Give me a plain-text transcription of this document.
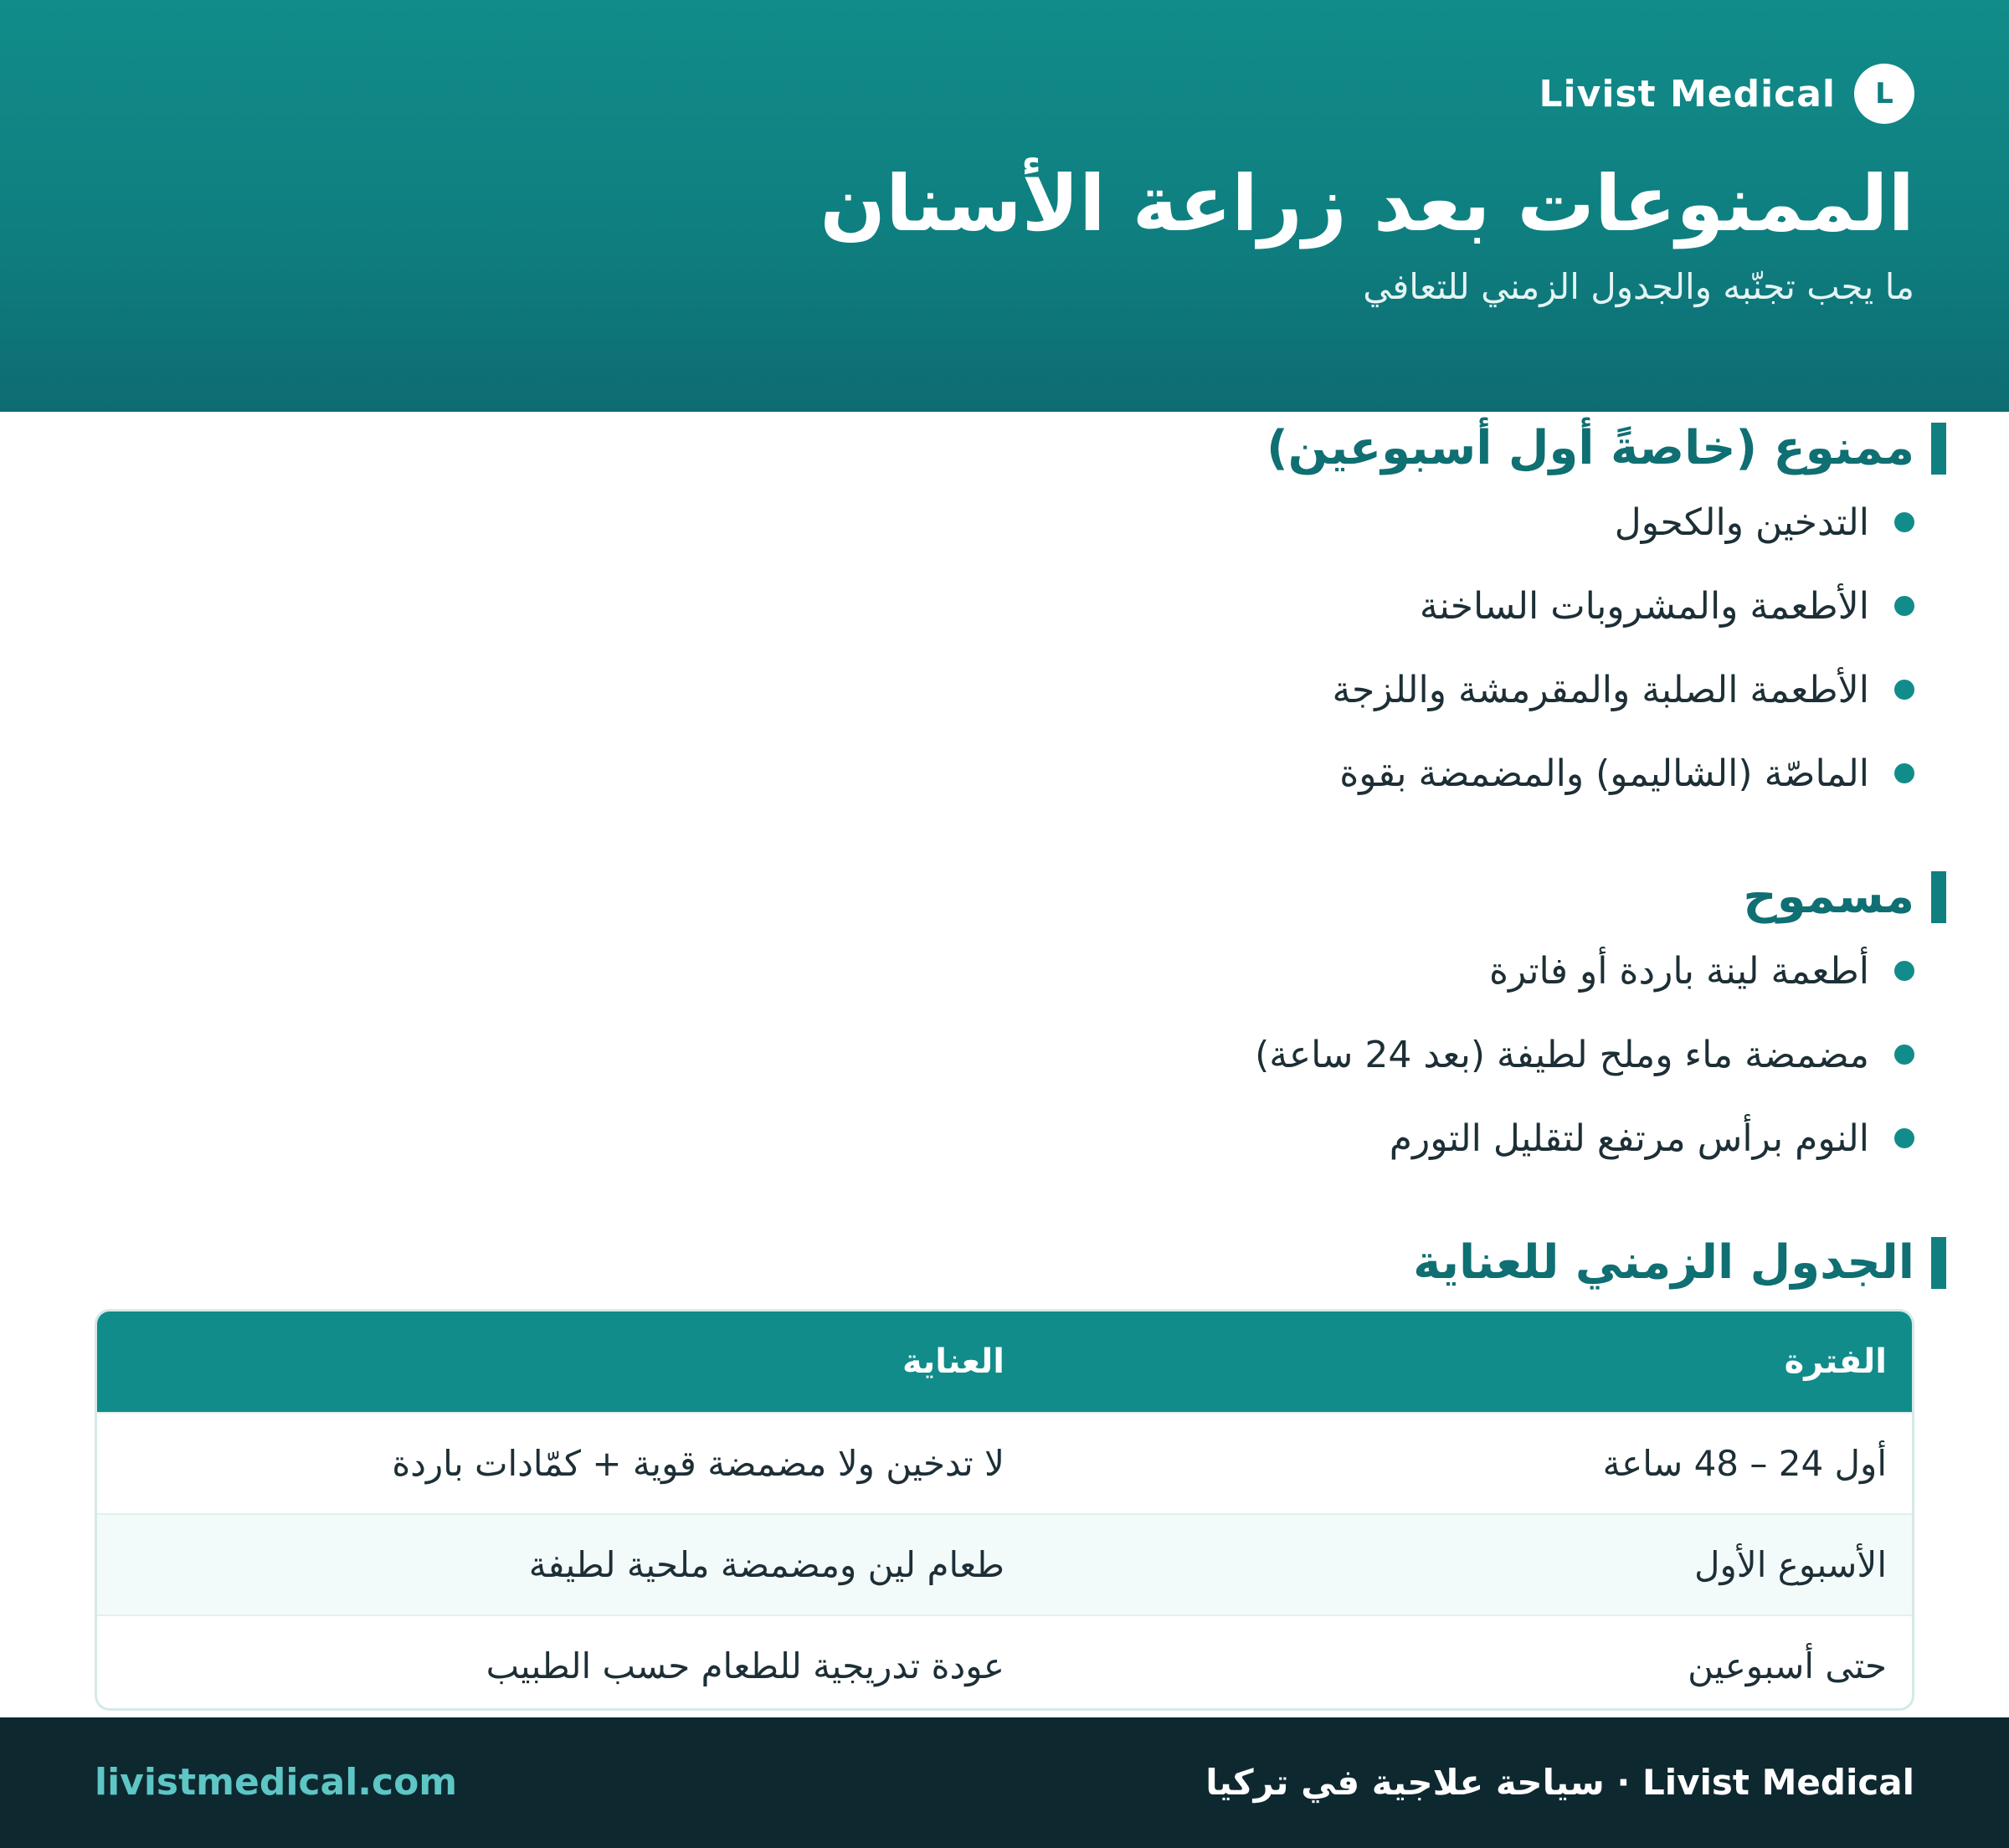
L
Livist Medical
الممنوعات بعد زراعة الأسنان
ما يجب تجنّبه والجدول الزمني للتعافي
ممنوع (خاصةً أول أسبوعين)
التدخين والكحول
الأطعمة والمشروبات الساخنة
الأطعمة الصلبة والمقرمشة واللزجة
الماصّة (الشاليمو) والمضمضة بقوة
مسموح
أطعمة لينة باردة أو فاترة
مضمضة ماء وملح لطيفة (بعد 24 ساعة)
النوم برأس مرتفع لتقليل التورم
الجدول الزمني للعناية
الفترة
العناية
أول 24 – 48 ساعة
لا تدخين ولا مضمضة قوية + كمّادات باردة
الأسبوع الأول
طعام لين ومضمضة ملحية لطيفة
حتى أسبوعين
عودة تدريجية للطعام حسب الطبيب
Livist Medical · سياحة علاجية في تركيا
livistmedical.com
